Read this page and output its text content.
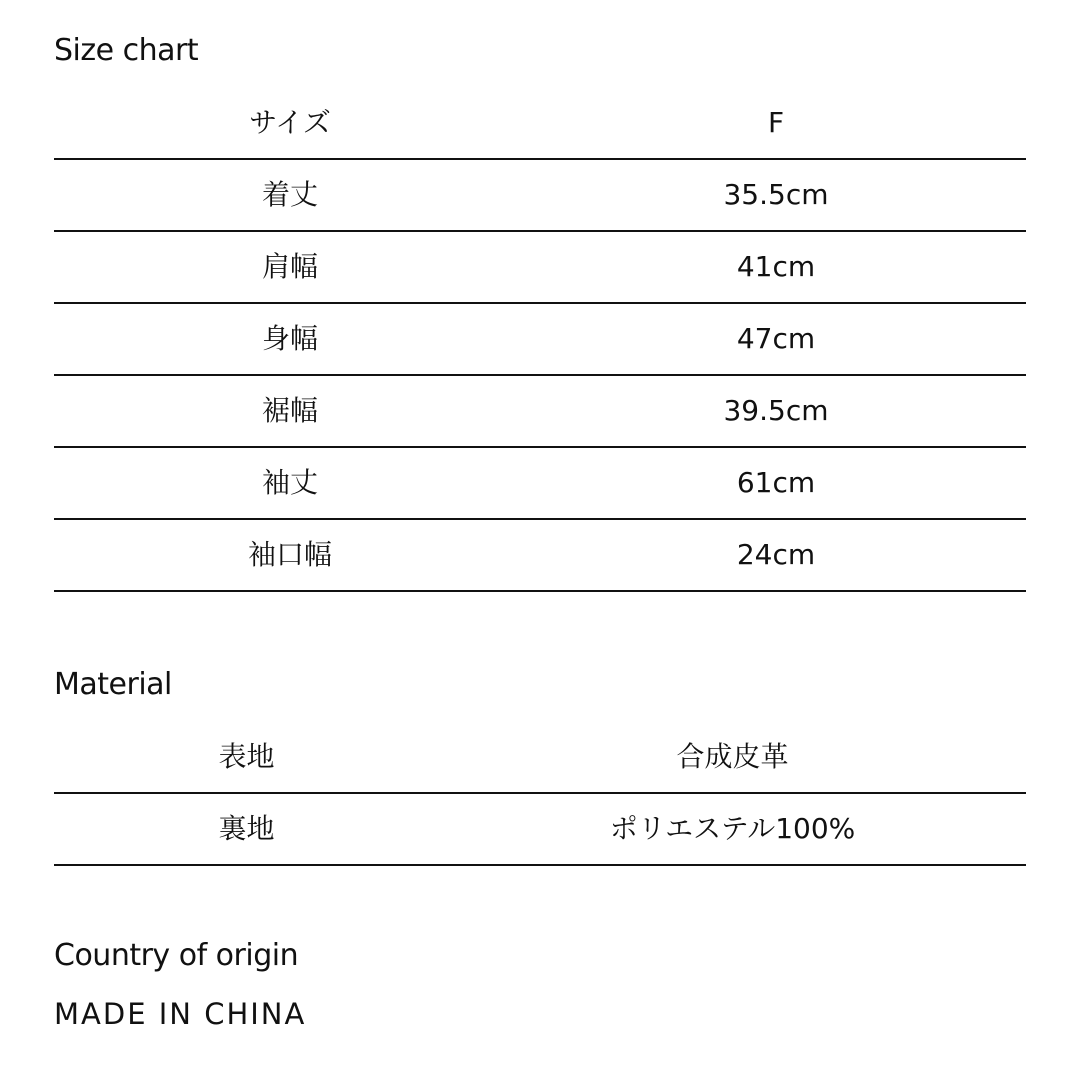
Size chart
サイズ	F
着丈	35.5cm
肩幅	41cm
身幅	47cm
裾幅	39.5cm
袖丈	61cm
袖口幅	24cm
Material
表地	合成皮革
裏地	ポリエステル100%
Country of origin
MADE IN CHINA
